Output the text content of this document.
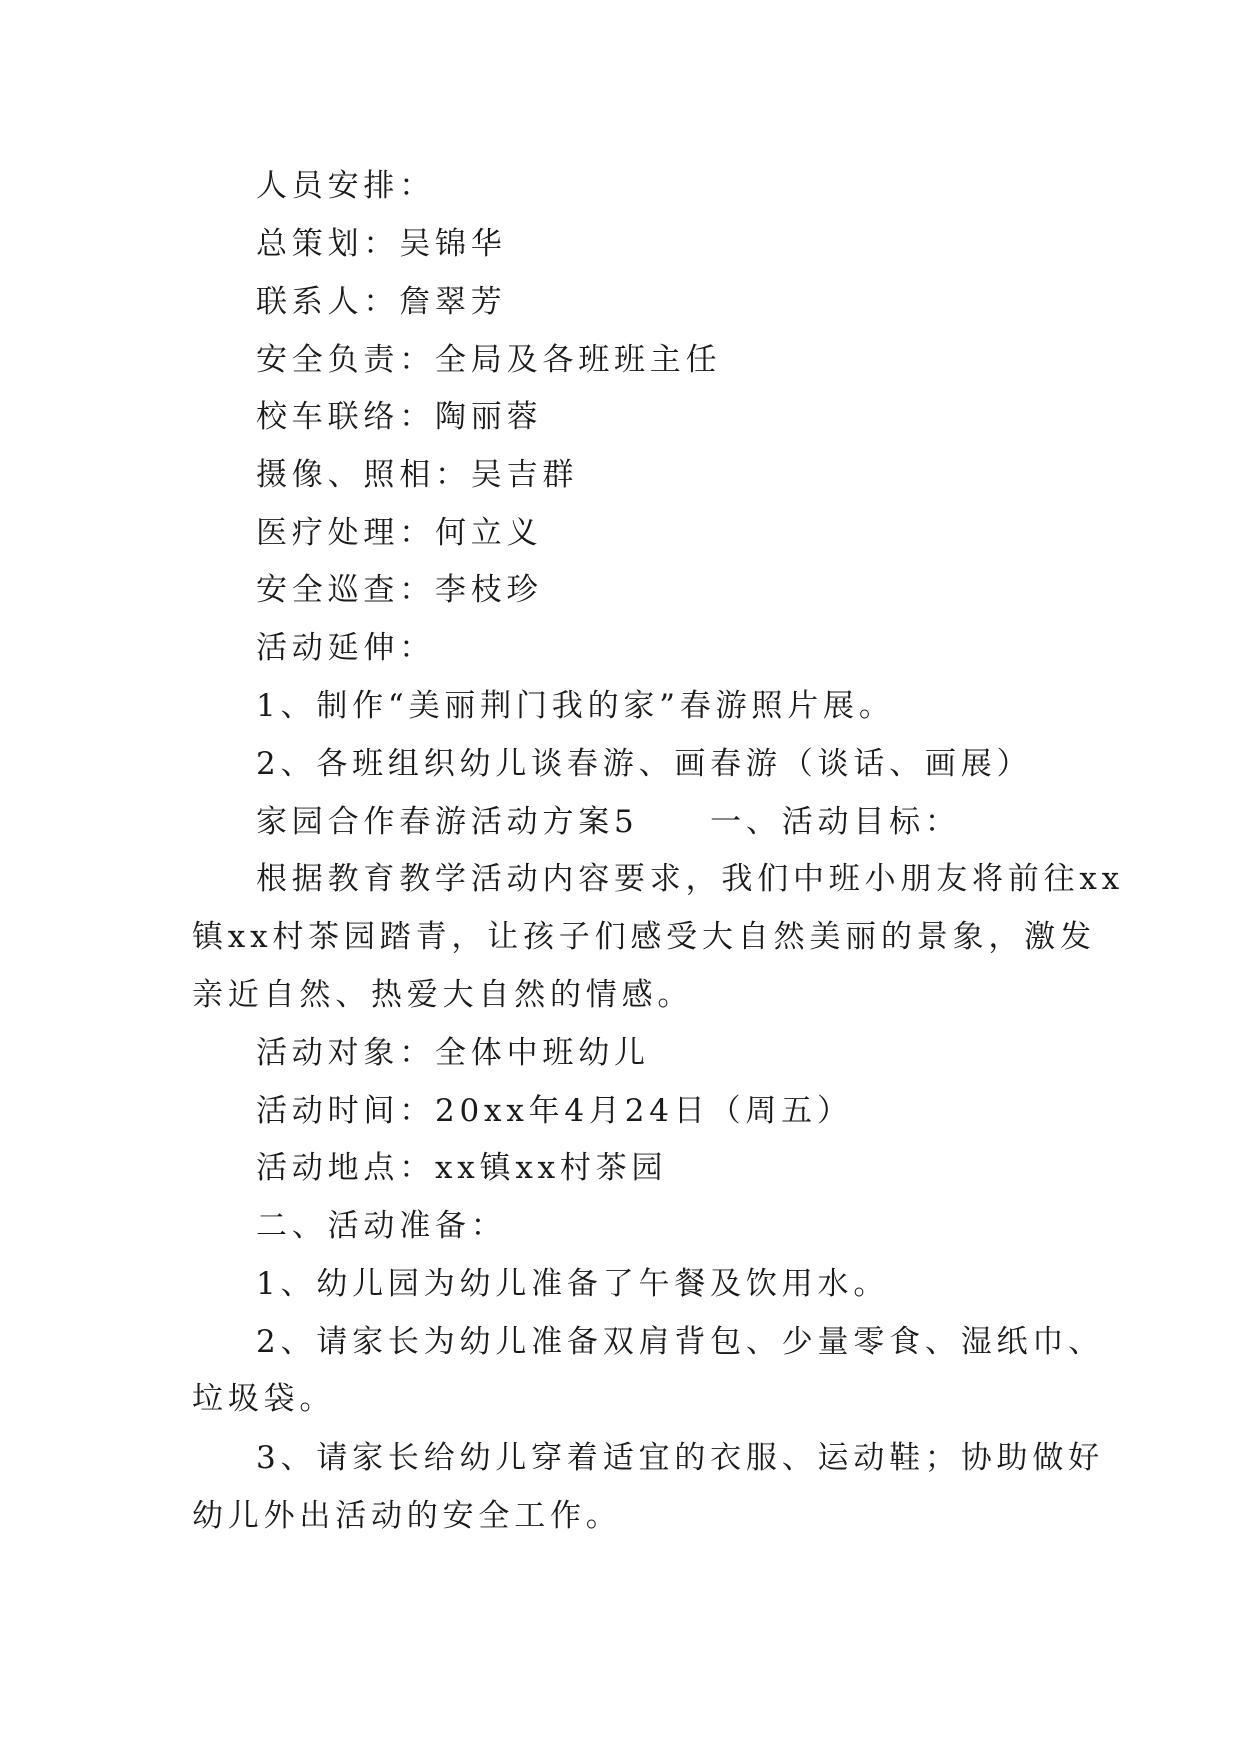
人员安排：
总策划：吴锦华
联系人：詹翠芳
安全负责：全局及各班班主任
校车联络：陶丽蓉
摄像、照相：吴吉群
医疗处理：何立义
安全巡查：李枝珍
活动延伸：
1、制作“美丽荆门我的家”春游照片展。
2、各班组织幼儿谈春游、画春游（谈话、画展）
家园合作春游活动方案5　　一、活动目标：
根据教育教学活动内容要求，我们中班小朋友将前往xx
镇xx村茶园踏青，让孩子们感受大自然美丽的景象，激发
亲近自然、热爱大自然的情感。
活动对象：全体中班幼儿
活动时间：20xx年4月24日（周五）
活动地点：xx镇xx村茶园
二、活动准备：
1、幼儿园为幼儿准备了午餐及饮用水。
2、请家长为幼儿准备双肩背包、少量零食、湿纸巾、
垃圾袋。
3、请家长给幼儿穿着适宜的衣服、运动鞋；协助做好
幼儿外出活动的安全工作。
